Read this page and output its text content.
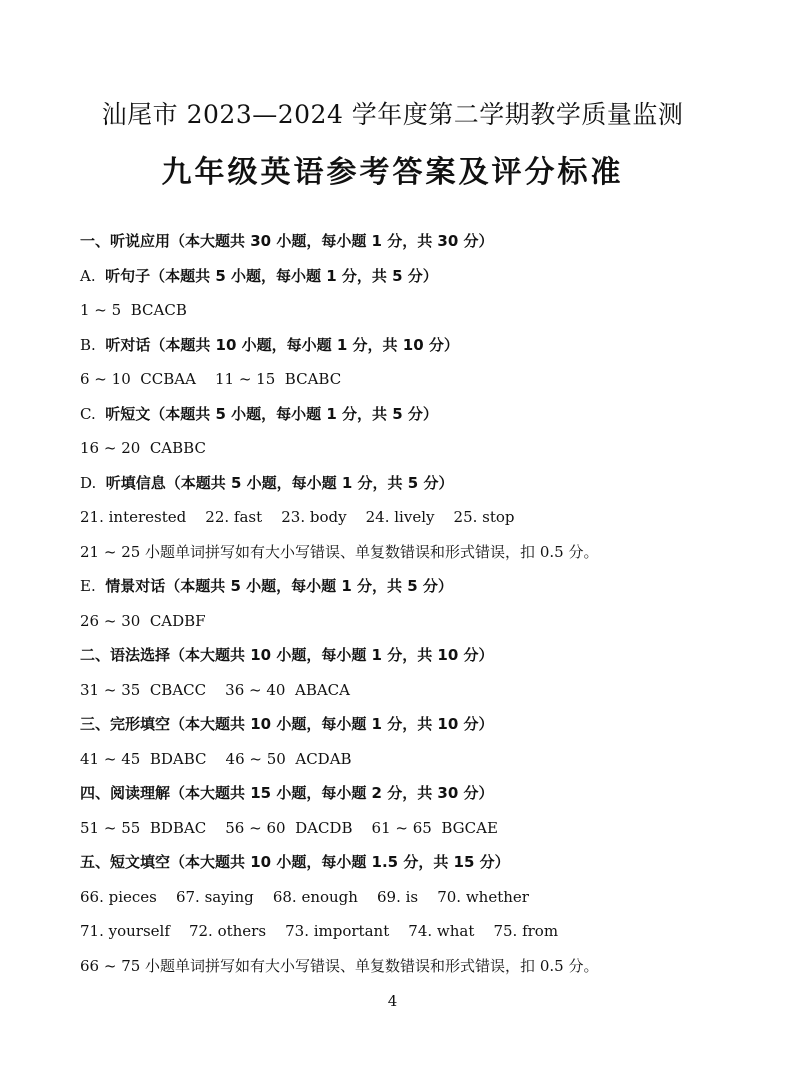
汕尾市 2023—2024 学年度第二学期教学质量监测
九年级英语参考答案及评分标准
一、听说应用（本大题共 30 小题，每小题 1 分，共 30 分）
A.  听句子（本题共 5 小题，每小题 1 分，共 5 分）
1 ~ 5  BCACB
B.  听对话（本题共 10 小题，每小题 1 分，共 10 分）
6 ~ 10  CCBAA    11 ~ 15  BCABC
C.  听短文（本题共 5 小题，每小题 1 分，共 5 分）
16 ~ 20  CABBC
D.  听填信息（本题共 5 小题，每小题 1 分，共 5 分）
21. interested    22. fast    23. body    24. lively    25. stop
21 ~ 25 小题单词拼写如有大小写错误、单复数错误和形式错误，扣 0.5 分。
E.  情景对话（本题共 5 小题，每小题 1 分，共 5 分）
26 ~ 30  CADBF
二、语法选择（本大题共 10 小题，每小题 1 分，共 10 分）
31 ~ 35  CBACC    36 ~ 40  ABACA
三、完形填空（本大题共 10 小题，每小题 1 分，共 10 分）
41 ~ 45  BDABC    46 ~ 50  ACDAB
四、阅读理解（本大题共 15 小题，每小题 2 分，共 30 分）
51 ~ 55  BDBAC    56 ~ 60  DACDB    61 ~ 65  BGCAE
五、短文填空（本大题共 10 小题，每小题 1.5 分，共 15 分）
66. pieces    67. saying    68. enough    69. is    70. whether
71. yourself    72. others    73. important    74. what    75. from
66 ~ 75 小题单词拼写如有大小写错误、单复数错误和形式错误，扣 0.5 分。
4
